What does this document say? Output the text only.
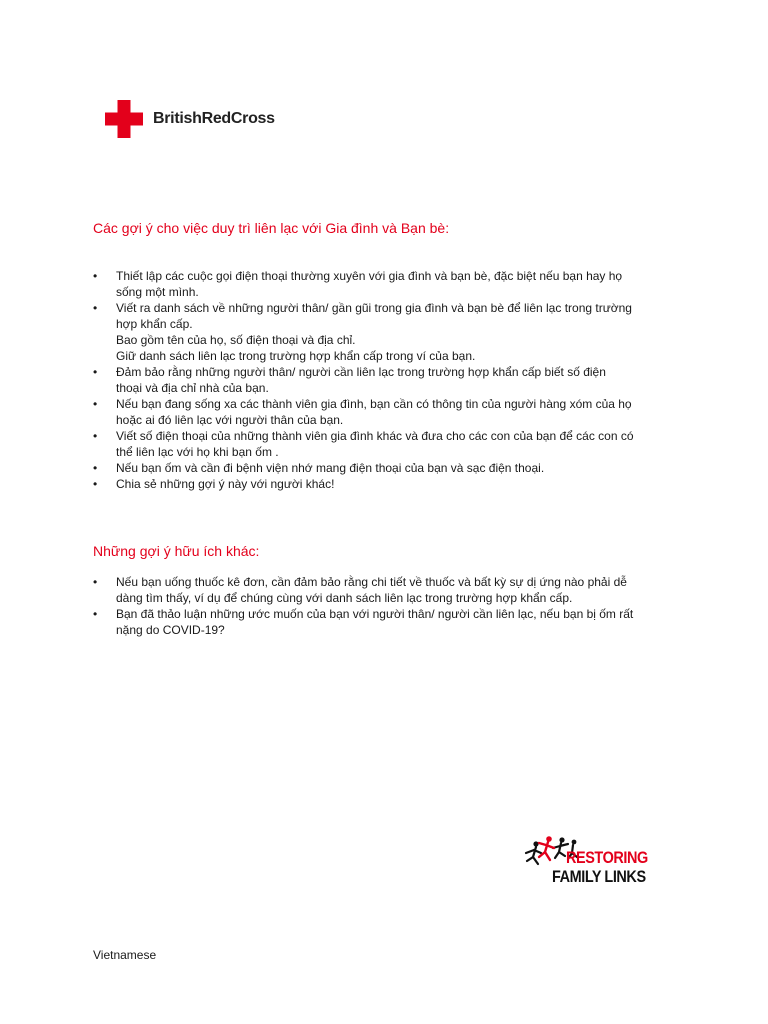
BritishRedCross
Các gợi ý cho việc duy trì liên lạc với Gia đình và Bạn bè:
• Thiết lập các cuộc gọi điện thoại thường xuyên với gia đình và bạn bè, đặc biệt nếu bạn hay họ
sống một mình.
• Viết ra danh sách về những người thân/ gần gũi trong gia đình và bạn bè để liên lạc trong trường
hợp khẩn cấp.
Bao gồm tên của họ, số điện thoại và địa chỉ.
Giữ danh sách liên lạc trong trường hợp khẩn cấp trong ví của bạn.
• Đảm bảo rằng những người thân/ người cần liên lạc trong trường hợp khẩn cấp biết số điện
thoại và địa chỉ nhà của bạn.
• Nếu bạn đang sống xa các thành viên gia đình, bạn cần có thông tin của người hàng xóm của họ
hoặc ai đó liên lạc với người thân của bạn.
• Viết số điện thoại của những thành viên gia đình khác và đưa cho các con của bạn để các con có
thể liên lạc với họ khi bạn ốm .
• Nếu bạn ốm và cần đi bệnh viện nhớ mang điện thoại của bạn và sạc điện thoại.
• Chia sẻ những gợi ý này với người khác!
Những gợi ý hữu ích khác:
• Nếu bạn uống thuốc kê đơn, cần đảm bảo rằng chi tiết về thuốc và bất kỳ sự dị ứng nào phải dễ
dàng tìm thấy, ví dụ để chúng cùng với danh sách liên lạc trong trường hợp khẩn cấp.
• Bạn đã thảo luận những ước muốn của bạn với người thân/ người cần liên lạc, nếu bạn bị ốm rất
nặng do COVID-19?
RESTORING
FAMILY LINKS
Vietnamese
